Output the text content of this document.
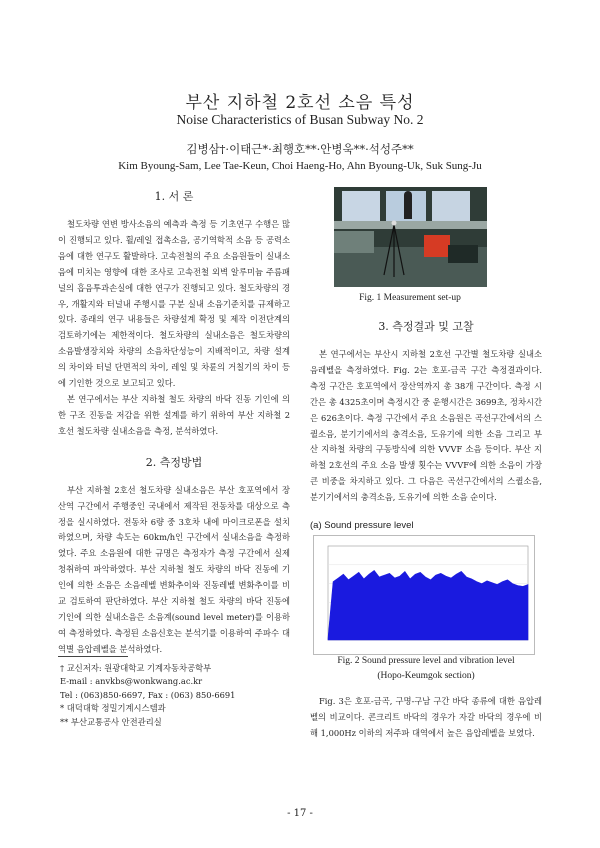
부산 지하철 2호선 소음 특성
Noise Characteristics of Busan Subway No. 2
김병삼†·이태근*·최행호**·안병욱**·석성주**
Kim Byoung-Sam, Lee Tae-Keun, Choi Haeng-Ho, Ahn Byoung-Uk, Suk Sung-Ju
1. 서 론

철도차량 연변 방사소음의 예측과 측정 등 기초연구 수행은 많이 진행되고 있다. 휠/레일 접촉소음, 공기역학적 소음 등 공력소음에 대한 연구도 활발하다. 고속전철의 주요 소음원들이 실내소음에 미치는 영향에 대한 조사로 고속전철 외벽 알루미늄 주름패널의 흡음투과손실에 대한 연구가 진행되고 있다. 철도차량의 경우, 개활지와 터널내 주행시를 구분 실내 소음기준치를 규제하고 있다. 종래의 연구 내용들은 차량설계 확정 및 제작 이전단계의 검토하기에는 제한적이다. 철도차량의 실내소음은 철도차량의 소음발생장치와 차량의 소음차단성능이 지배적이고, 차량 설계의 차이와 터널 단면적의 차이, 레일 및 차륜의 거칠기의 차이 등에 기인한 것으로 보고되고 있다.

본 연구에서는 부산 지하철 철도 차량의 바닥 진동 기인에 의한 구조 진동을 저감을 위한 설계를 하기 위하여 부산 지하철 2호선 철도차량 실내소음을 측정, 분석하였다.

2. 측정방법

부산 지하철 2호선 철도차량 실내소음은 부산 호포역에서 장산역 구간에서 주행중인 국내에서 제작된 전동차를 대상으로 측정을 실시하였다. 전동차 6량 중 3호차 내에 마이크로폰을 설치하였으며, 차량 속도는 60km/h인 구간에서 실내소음을 측정하였다. 주요 소음원에 대한 규명은 측정자가 측정 구간에서 실제 청취하여 파악하였다. 부산 지하철 철도 차량의 바닥 진동에 기인에 의한 소음은 소음레벨 변화추이와 진동레벨 변화추이를 비교 검토하여 판단하였다. 부산 지하철 철도 차량의 바닥 진동에 기인에 의한 실내소음은 소음계(sound level meter)를 이용하여 측정하였다. 측정된 소음신호는 분석기를 이용하여 주파수 대역별 음압레벨을 분석하였다.

† 교신저자: 원광대학교 기계자동차공학부
E-mail : anvkbs@wonkwang.ac.kr
Tel : (063)850-6697, Fax : (063) 850-6691
* 대덕대학 정밀기계시스템과
** 부산교통공사 안전관리실
Fig. 1 Measurement set-up
3. 측정결과 및 고찰

본 연구에서는 부산시 지하철 2호선 구간별 철도차량 실내소음레벨을 측정하였다. Fig. 2는 호포-금곡 구간 측정결과이다. 측정 구간은 호포역에서 장산역까지 총 38개 구간이다. 측정 시간은 총 4325초이며 측정시간 중 운행시간은 3699초, 정차시간은 626초이다. 측정 구간에서 주요 소음원은 곡선구간에서의 스퀼소음, 분기기에서의 충격소음, 도유기에 의한 소음 그리고 부산 지하철 차량의 구동방식에 의한 VVVF 소음 등이다. 부산 지하철 2호선의 주요 소음 발생 횟수는 VVVF에 의한 소음이 가장 큰 비중을 차지하고 있다. 그 다음은 곡선구간에서의 스퀼소음, 분기기에서의 충격소음, 도유기에 의한 소음 순이다.

(a) Sound pressure level
Fig. 2 Sound pressure level and vibration level
(Hopo-Keumgok section)

Fig. 3은 호포-금곡, 구명-구남 구간 바닥 종류에 대한 음압레벨의 비교이다. 콘크리트 바닥의 경우가 자갈 바닥의 경우에 비해 1,000Hz 이하의 저주파 대역에서 높은 음압레벨을 보였다.

- 17 -
